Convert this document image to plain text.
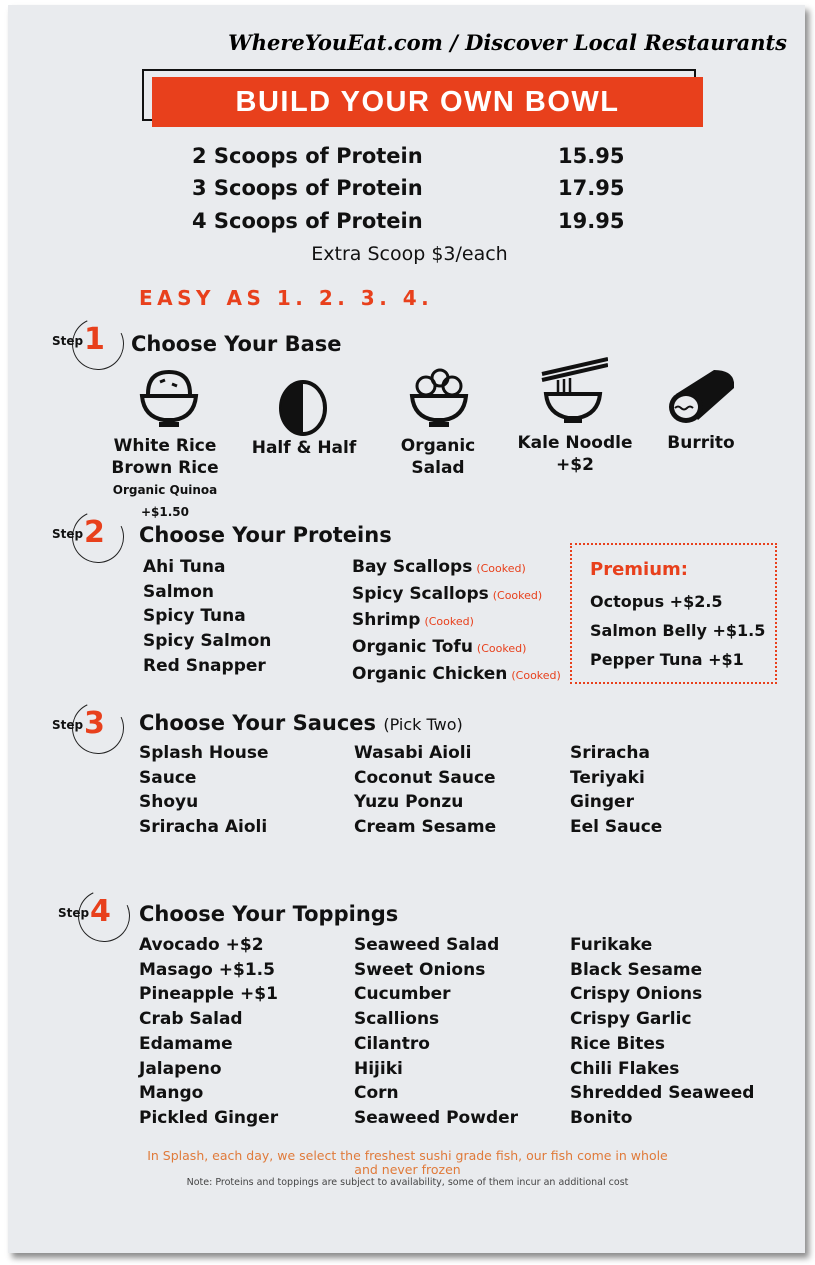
WhereYouEat.com / Discover Local Restaurants
BUILD YOUR OWN BOWL
2 Scoops of Protein	15.95
3 Scoops of Protein	17.95
4 Scoops of Protein	19.95
Extra Scoop $3/each
EASY AS 1. 2. 3. 4.
Step 1 Choose Your Base
Step 2 Choose Your Proteins
Step 3 Choose Your Sauces (Pick Two)
Step 4 Choose Your Toppings
White Rice
Brown Rice
Organic Quinoa +$1.50
Half & Half	Organic
Salad
Kale Noodle
+$2
Burrito
Ahi Tuna
Salmon
Spicy Tuna
Spicy Salmon
Red Snapper
Bay Scallops (Cooked)
Spicy Scallops (Cooked)
Shrimp (Cooked)
Organic Tofu (Cooked)
Organic Chicken (Cooked)
Premium:
Octopus +$2.5
Salmon Belly +$1.5
Pepper Tuna +$1
Splash House
Sauce
Shoyu
Sriracha Aioli
Wasabi Aioli
Coconut Sauce
Yuzu Ponzu
Cream Sesame
Sriracha
Teriyaki
Ginger
Eel Sauce
Avocado +$2
Masago +$1.5
Pineapple +$1
Crab Salad
Edamame
Jalapeno
Mango
Pickled Ginger
Seaweed Salad
Sweet Onions
Cucumber
Scallions
Cilantro
Hijiki
Corn
Seaweed Powder
Furikake
Black Sesame
Crispy Onions
Crispy Garlic
Rice Bites
Chili Flakes
Shredded Seaweed
Bonito
In Splash, each day, we select the freshest sushi grade fish, our fish come in whole and never frozen
Note: Proteins and toppings are subject to availability, some of them incur an additional cost
